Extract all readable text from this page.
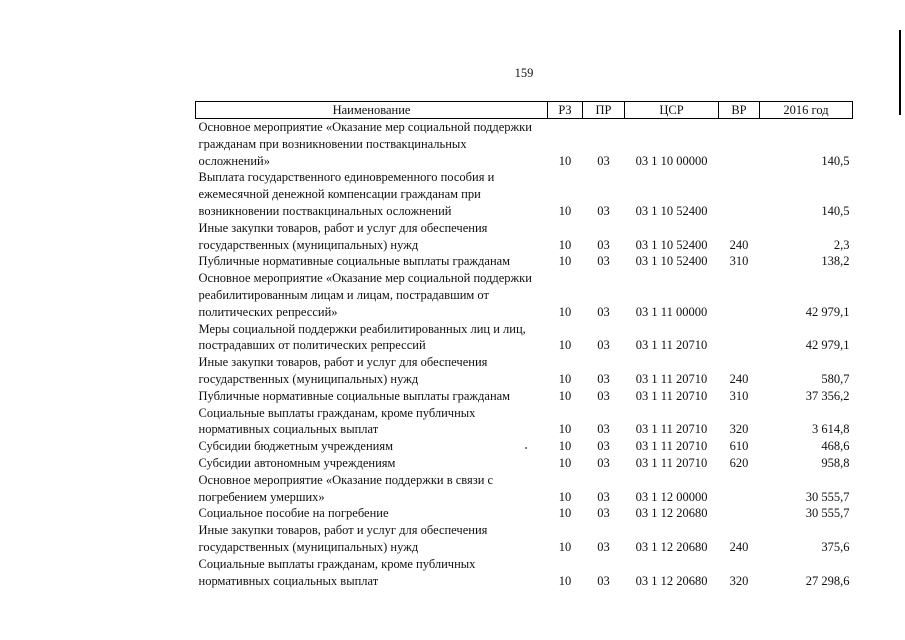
159
Наименование	РЗ	ПР	ЦСР	ВР	2016 год

Основное мероприятие «Оказание мер социальной поддержки
гражданам при возникновении поствакцинальных
осложнений»	10	03	03 1 10 00000		140,5

Выплата государственного единовременного пособия и
ежемесячной денежной компенсации гражданам при
возникновении поствакцинальных осложнений	10	03	03 1 10 52400		140,5

Иные закупки товаров, работ и услуг для обеспечения
государственных (муниципальных) нужд	10	03	03 1 10 52400	240	2,3

Публичные нормативные социальные выплаты гражданам	10	03	03 1 10 52400	310	138,2

Основное мероприятие «Оказание мер социальной поддержки
реабилитированным лицам и лицам, пострадавшим от
политических репрессий»	10	03	03 1 11 00000		42 979,1

Меры социальной поддержки реабилитированных лиц и лиц,
пострадавших от политических репрессий	10	03	03 1 11 20710		42 979,1

Иные закупки товаров, работ и услуг для обеспечения
государственных (муниципальных) нужд	10	03	03 1 11 20710	240	580,7

Публичные нормативные социальные выплаты гражданам	10	03	03 1 11 20710	310	37 356,2

Социальные выплаты гражданам, кроме публичных
нормативных социальных выплат	10	03	03 1 11 20710	320	3 614,8

Субсидии бюджетным учреждениям	10	03	03 1 11 20710	610	468,6

Субсидии автономным учреждениям	10	03	03 1 11 20710	620	958,8

Основное мероприятие «Оказание поддержки в связи с
погребением умерших»	10	03	03 1 12 00000		30 555,7

Социальное пособие на погребение	10	03	03 1 12 20680		30 555,7

Иные закупки товаров, работ и услуг для обеспечения
государственных (муниципальных) нужд	10	03	03 1 12 20680	240	375,6

Социальные выплаты гражданам, кроме публичных
нормативных социальных выплат	10	03	03 1 12 20680	320	27 298,6
